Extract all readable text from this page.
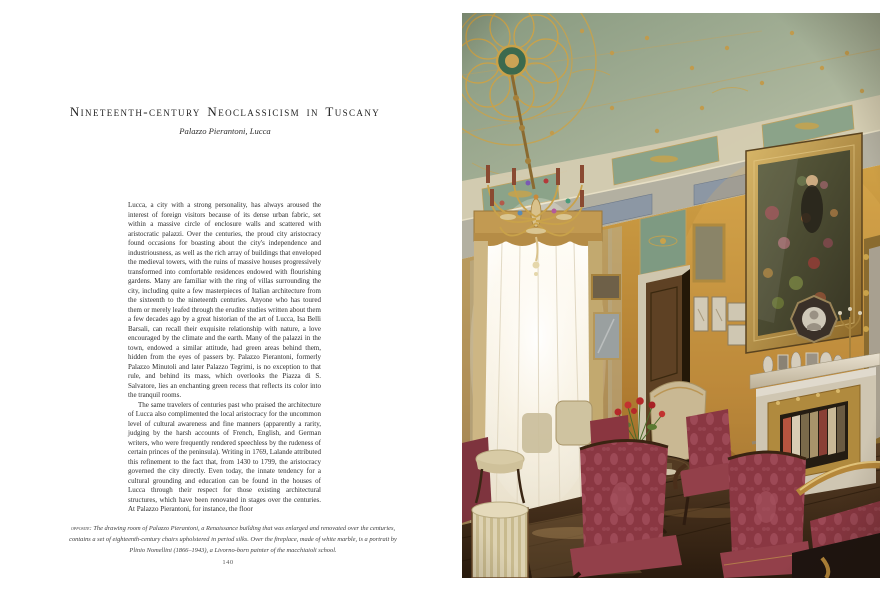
Nineteenth-century Neoclassicism in Tuscany
Palazzo Pierantoni, Lucca

Lucca, a city with a strong personality, has always aroused the interest of foreign visitors because of its dense urban fabric, set within a massive circle of enclosure walls and scattered with aristocratic palazzi. Over the centuries, the proud city aristocracy found occasions for boasting about the city's independence and industriousness, as well as the rich array of buildings that enveloped the medieval towers, with the ruins of massive houses progressively transformed into comfortable residences endowed with flourishing gardens. Many are familiar with the ring of villas surrounding the city, including quite a few masterpieces of Italian architecture from the sixteenth to the nineteenth centuries. Anyone who has toured them or merely leafed through the erudite studies written about them a few decades ago by a great historian of the art of Lucca, Isa Belli Barsali, can recall their exquisite relationship with nature, a love encouraged by the climate and the earth. Many of the palazzi in the town, endowed a similar attitude, had green areas behind them, hidden from the eyes of passers by. Palazzo Pierantoni, formerly Palazzo Minutoli and later Palazzo Tegrimi, is no exception to that rule, and behind its mass, which overlooks the Piazza di S. Salvatore, lies an enchanting green recess that reflects its color into the tranquil rooms.

The same travelers of centuries past who praised the architecture of Lucca also complimented the local aristocracy for the uncommon level of cultural awareness and fine manners (apparently a rarity, judging by the harsh accounts of French, English, and German writers, who were frequently rendered speechless by the rudeness of certain princes of the peninsula). Writing in 1769, Lalande attributed this refinement to the fact that, from 1430 to 1799, the aristocracy governed the city directly. Even today, the innate tendency for a cultural grounding and education can be found in the houses of Lucca through their respect for those existing architectural structures, which have been renovated in stages over the centuries. At Palazzo Pierantoni, for instance, the floor

opposite: The drawing room of Palazzo Pierantoni, a Renaissance building that was enlarged and renovated over the centuries, contains a set of eighteenth-century chairs upholstered in period silks. Over the fireplace, made of white marble, is a portrait by Plinio Nomellini (1866–1943), a Livorno-born painter of the macchiaioli school.
140
